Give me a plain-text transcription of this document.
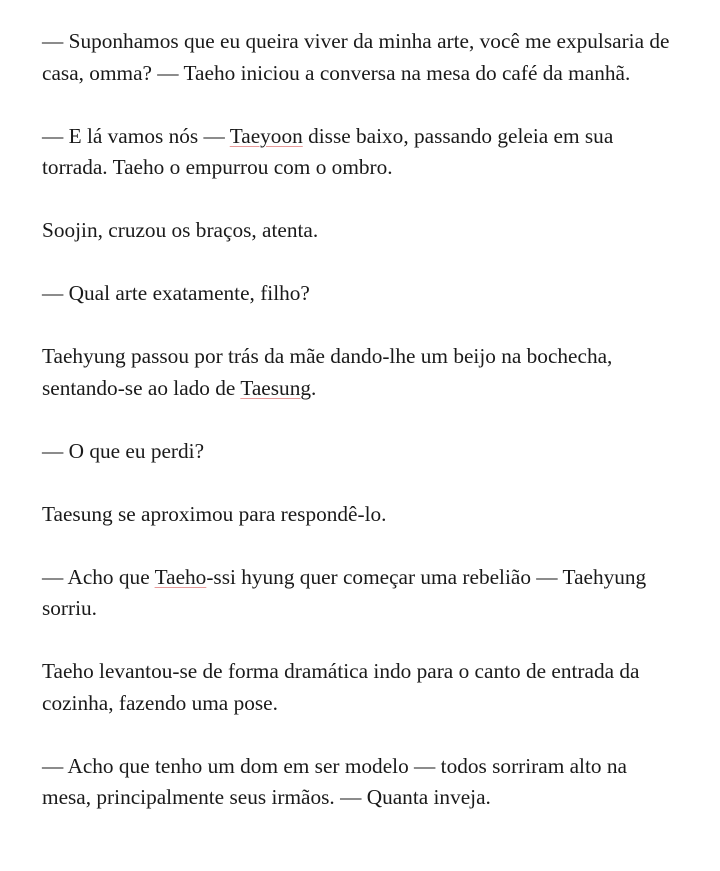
— Suponhamos que eu queira viver da minha arte, você me expulsaria de casa, omma? — Taeho iniciou a conversa na mesa do café da manhã.

— E lá vamos nós — Taeyoon disse baixo, passando geleia em sua torrada. Taeho o empurrou com o ombro.

Soojin, cruzou os braços, atenta.

— Qual arte exatamente, filho?

Taehyung passou por trás da mãe dando-lhe um beijo na bochecha, sentando-se ao lado de Taesung.

— O que eu perdi?

Taesung se aproximou para respondê-lo.

— Acho que Taeho-ssi hyung quer começar uma rebelião — Taehyung sorriu.

Taeho levantou-se de forma dramática indo para o canto de entrada da cozinha, fazendo uma pose.

— Acho que tenho um dom em ser modelo — todos sorriram alto na mesa, principalmente seus irmãos. — Quanta inveja.
